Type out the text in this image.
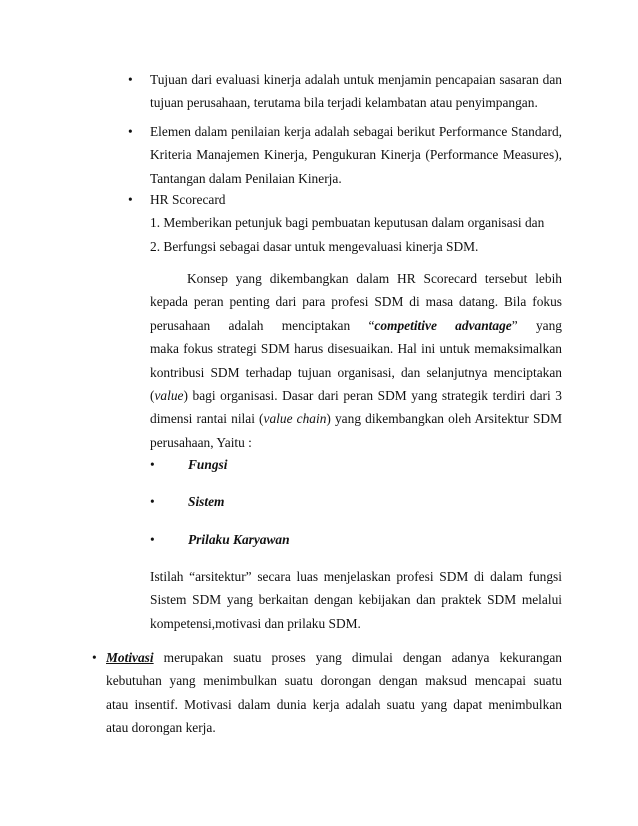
• Tujuan dari evaluasi kinerja adalah untuk menjamin pencapaian sasaran dan
tujuan perusahaan, terutama bila terjadi kelambatan atau penyimpangan.
• Elemen dalam penilaian kerja adalah sebagai berikut Performance Standard,
Kriteria Manajemen Kinerja, Pengukuran Kinerja (Performance Measures),
Tantangan dalam Penilaian Kinerja.
• HR Scorecard
1. Memberikan petunjuk bagi pembuatan keputusan dalam organisasi dan
2. Berfungsi sebagai dasar untuk mengevaluasi kinerja SDM.
Konsep yang dikembangkan dalam HR Scorecard tersebut lebih
kepada peran penting dari para profesi SDM di masa datang. Bila fokus
perusahaan adalah menciptakan “competitive advantage” yang
maka fokus strategi SDM harus disesuaikan. Hal ini untuk memaksimalkan
kontribusi SDM terhadap tujuan organisasi, dan selanjutnya menciptakan
(value) bagi organisasi. Dasar dari peran SDM yang strategik terdiri dari 3
dimensi rantai nilai (value chain) yang dikembangkan oleh Arsitektur SDM
perusahaan, Yaitu :
• Fungsi
• Sistem
• Prilaku Karyawan
Istilah “arsitektur” secara luas menjelaskan profesi SDM di dalam fungsi
Sistem SDM yang berkaitan dengan kebijakan dan praktek SDM melalui
kompetensi,motivasi dan prilaku SDM.
• Motivasi merupakan suatu proses yang dimulai dengan adanya kekurangan
kebutuhan yang menimbulkan suatu dorongan dengan maksud mencapai suatu
atau insentif. Motivasi dalam dunia kerja adalah suatu yang dapat menimbulkan
atau dorongan kerja.
